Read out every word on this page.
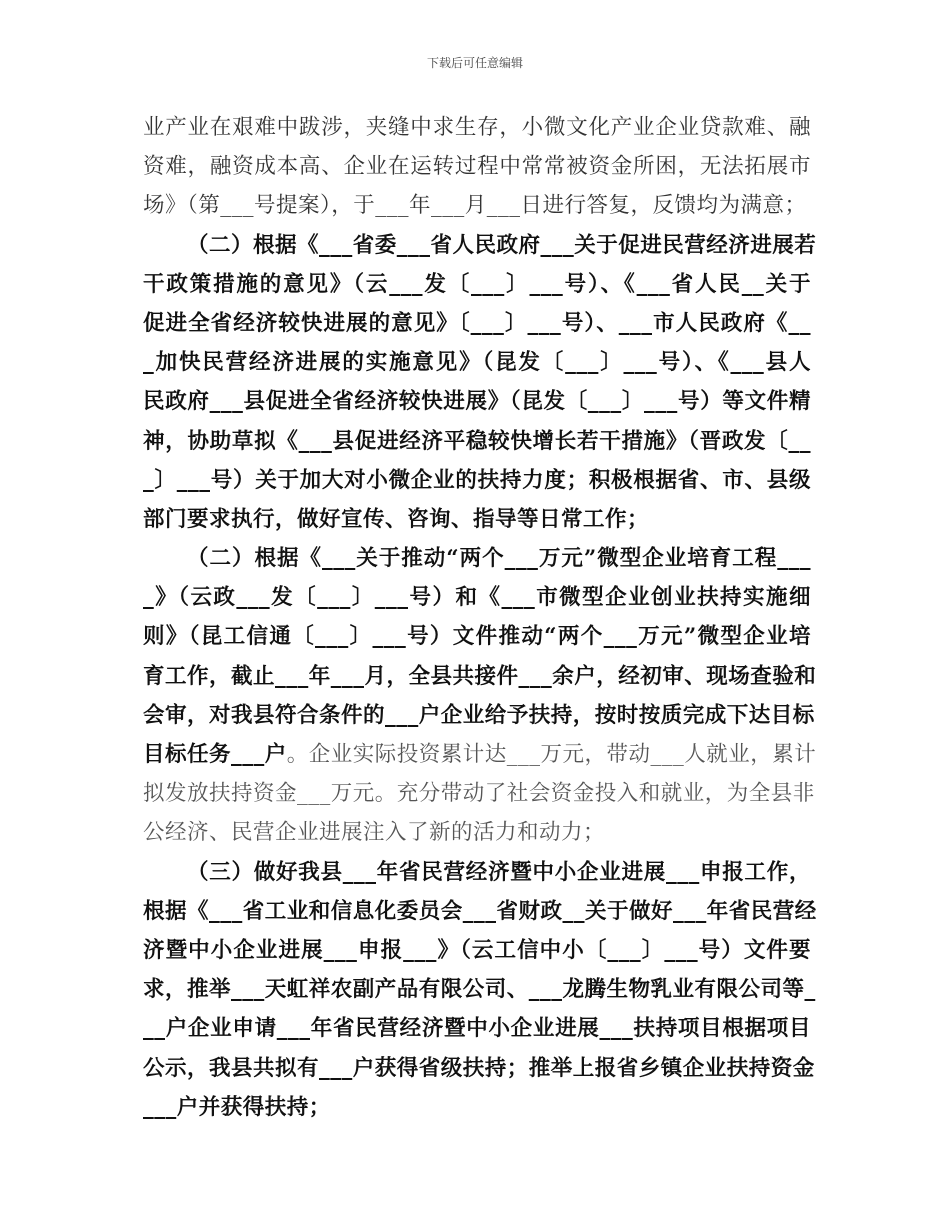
下载后可任意编辑
业产业在艰难中跋涉，夹缝中求生存，小微文化产业企业贷款难、融
资难，融资成本高、企业在运转过程中常常被资金所困，无法拓展市
场》（第___号提案），于___年___月___日进行答复，反馈均为满意；
（二）根据《___省委___省人民政府___关于促进民营经济进展若
干政策措施的意见》（云___发〔___〕___号）、《___省人民__关于
促进全省经济较快进展的意见》〔___〕___号）、___市人民政府《__
_加快民营经济进展的实施意见》（昆发〔___〕___号）、《___县人
民政府___县促进全省经济较快进展》（昆发〔___〕___号）等文件精
神，协助草拟《___县促进经济平稳较快增长若干措施》（晋政发〔__
_〕___号）关于加大对小微企业的扶持力度；积极根据省、市、县级
部门要求执行，做好宣传、咨询、指导等日常工作；
（二）根据《___关于推动“两个___万元”微型企业培育工程___
_》（云政___发〔___〕___号）和《___市微型企业创业扶持实施细
则》（昆工信通〔___〕___号）文件推动“两个___万元”微型企业培
育工作，截止___年___月，全县共接件___余户，经初审、现场查验和
会审，对我县符合条件的___户企业给予扶持，按时按质完成下达目标
目标任务___户。企业实际投资累计达___万元，带动___人就业，累计
拟发放扶持资金___万元。充分带动了社会资金投入和就业，为全县非
公经济、民营企业进展注入了新的活力和动力；
（三）做好我县___年省民营经济暨中小企业进展___申报工作，
根据《___省工业和信息化委员会___省财政__关于做好___年省民营经
济暨中小企业进展___申报___》（云工信中小〔___〕___号）文件要
求，推举___天虹祥农副产品有限公司、___龙腾生物乳业有限公司等_
__户企业申请___年省民营经济暨中小企业进展___扶持项目根据项目
公示，我县共拟有___户获得省级扶持；推举上报省乡镇企业扶持资金
___户并获得扶持；
